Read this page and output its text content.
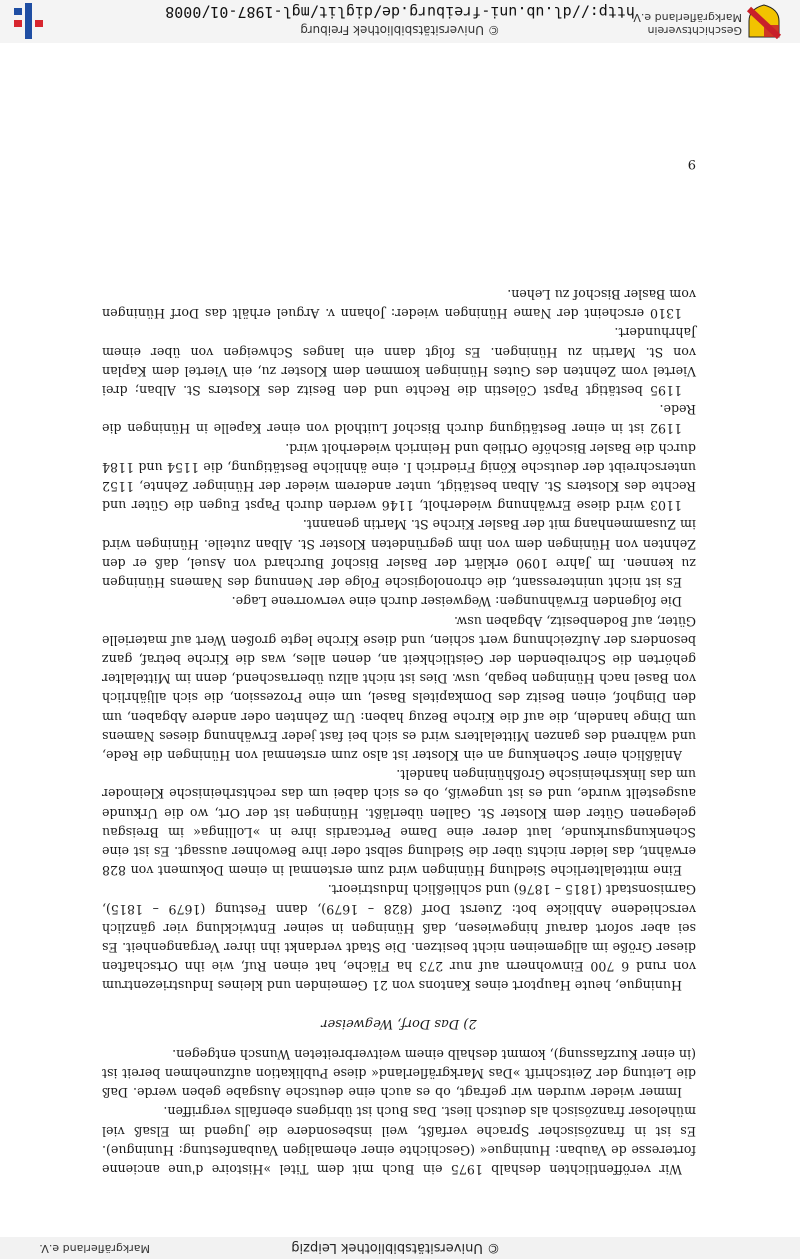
© Universitätsbibliothek Leipzig
Markgräflerland e.V.

Wir veröffentlichten deshalb 1975 ein Buch mit dem Titel »Histoire d'une ancienne forteresse de Vauban: Huningue« (Geschichte einer ehemaligen Vaubanfestung: Huningue). Es ist in französischer Sprache verfaßt, weil insbesondere die Jugend im Elsaß viel müheloser französisch als deutsch liest. Das Buch ist übrigens ebenfalls vergriffen.

Immer wieder wurden wir gefragt, ob es auch eine deutsche Ausgabe geben werde. Daß die Leitung der Zeitschrift »Das Markgräflerland« diese Publikation aufzunehmen bereit ist (in einer Kurzfassung), kommt deshalb einem weitverbreiteten Wunsch entgegen.

2) Das Dorf, Wegweiser

Huningue, heute Hauptort eines Kantons von 21 Gemeinden und kleines Industriezentrum von rund 6 700 Einwohnern auf nur 273 ha Fläche, hat einen Ruf, wie ihn Ortschaften dieser Größe im allgemeinen nicht besitzen. Die Stadt verdankt ihn ihrer Vergangenheit. Es sei aber sofort darauf hingewiesen, daß Hüningen in seiner Entwicklung vier gänzlich verschiedene Anblicke bot: Zuerst Dorf (828 – 1679), dann Festung (1679 – 1815), Garnisonstadt (1815 – 1876) und schließlich Industrieort.

Eine mittelalterliche Siedlung Hüningen wird zum erstenmal in einem Dokument von 828 erwähnt, das leider nichts über die Siedlung selbst oder ihre Bewohner aussagt. Es ist eine Schenkungsurkunde, laut derer eine Dame Pertcardis ihre in »Lollinga« im Breisgau gelegenen Güter dem Kloster St. Gallen überläßt. Hüningen ist der Ort, wo die Urkunde ausgestellt wurde, und es ist ungewiß, ob es sich dabei um das rechtsrheinische Kleinoder um das linksrheinische Großhüningen handelt.

Anläßlich einer Schenkung an ein Kloster ist also zum erstenmal von Hüningen die Rede, und während des ganzen Mittelalters wird es sich bei fast jeder Erwähnung dieses Namens um Dinge handeln, die auf die Kirche Bezug haben: Um Zehnten oder andere Abgaben, um den Dinghof, einen Besitz des Domkapitels Basel, um eine Prozession, die sich alljährlich von Basel nach Hüningen begab, usw. Dies ist nicht allzu überraschend, denn im Mittelalter gehörten die Schreibenden der Geistlichkeit an, denen alles, was die Kirche betraf, ganz besonders der Aufzeichnung wert schien, und diese Kirche legte großen Wert auf materielle Güter, auf Bodenbesitz, Abgaben usw.

Die folgenden Erwähnungen: Wegweiser durch eine verworrene Lage.

Es ist nicht uninteressant, die chronologische Folge der Nennung des Namens Hüningen zu kennen. Im Jahre 1090 erklärt der Basler Bischof Burchard von Asuel, daß er den Zehnten von Hüningen dem von ihm gegründeten Kloster St. Alban zuteile. Hüningen wird im Zusammenhang mit der Basler Kirche St. Martin genannt.

1103 wird diese Erwähnung wiederholt, 1146 werden durch Papst Eugen die Güter und Rechte des Klosters St. Alban bestätigt, unter anderem wieder der Hüninger Zehnte, 1152 unterschreibt der deutsche König Friedrich I. eine ähnliche Bestätigung, die 1154 und 1184 durch die Basler Bischöfe Ortlieb und Heinrich wiederholt wird.

1192 ist in einer Bestätigung durch Bischof Luithold von einer Kapelle in Hüningen die Rede.

1195 bestätigt Papst Cölestin die Rechte und den Besitz des Klosters St. Alban; drei Viertel vom Zehnten des Gutes Hüningen kommen dem Kloster zu, ein Viertel dem Kaplan von St. Martin zu Hüningen. Es folgt dann ein langes Schweigen von über einem Jahrhundert.

1310 erscheint der Name Hüningen wieder: Johann v. Arguel erhält das Dorf Hüningen vom Basler Bischof zu Lehen.

9
Geschichtsverein
Markgräflerland e.V.
© Universitätsbibliothek Freiburg
http://dl.ub.uni-freiburg.de/diglit/mgl-1987-01/0008
